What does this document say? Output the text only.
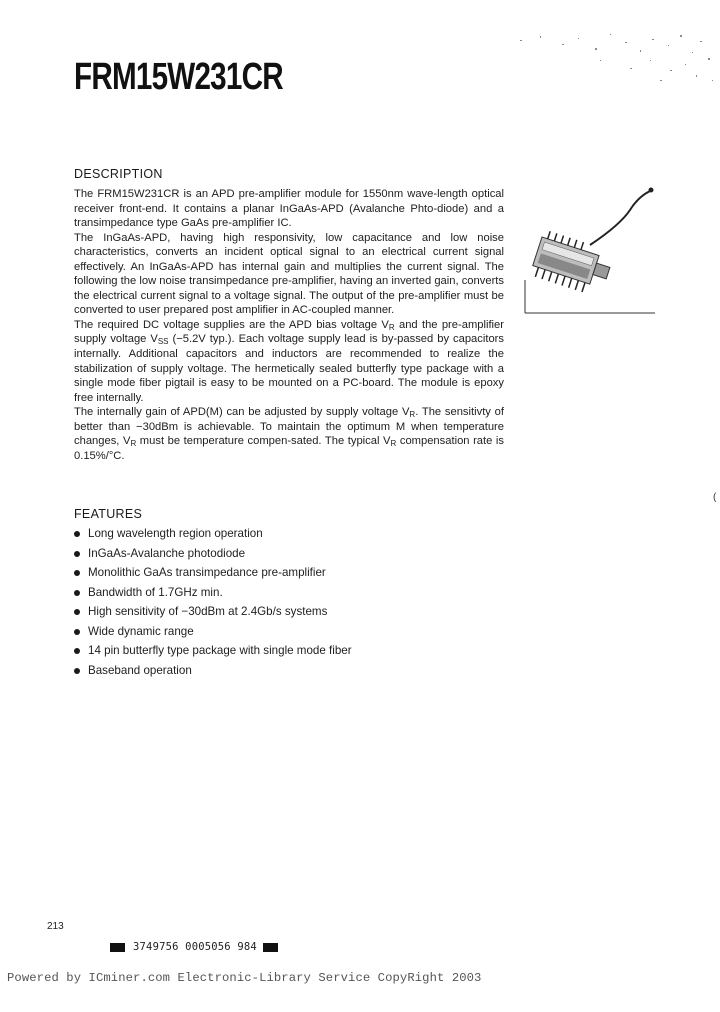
FRM15W231CR
DESCRIPTION

The FRM15W231CR is an APD pre-amplifier module for 1550nm wave-length optical receiver front-end. It contains a planar InGaAs-APD (Avalanche Phto-diode) and a transimpedance type GaAs pre-amplifier IC.

The InGaAs-APD, having high responsivity, low capacitance and low noise characteristics, converts an incident optical signal to an electrical current signal effectively. An InGaAs-APD has internal gain and multiplies the current signal. The following the low noise transimpedance pre-amplifier, having an inverted gain, converts the electrical current signal to a voltage signal. The output of the pre-amplifier must be converted to user prepared post amplifier in AC-coupled manner.

The required DC voltage supplies are the APD bias voltage $V_R$ and the pre-amplifier supply voltage $V_{SS}$ (−5.2V typ.). Each voltage supply lead is by-passed by capacitors internally. Additional capacitors and inductors are recommended to realize the stabilization of supply voltage. The hermetically sealed butterfly type package with a single mode fiber pigtail is easy to be mounted on a PC-board. The module is epoxy free internally.

The internally gain of APD(M) can be adjusted by supply voltage $V_R$. The sensitivty of better than −30dBm is achievable. To maintain the optimum M when temperature changes, $V_R$ must be temperature compen-sated. The typical $V_R$ compensation rate is 0.15%/°C.

(
FEATURES
Long wavelength region operation
InGaAs-Avalanche photodiode
Monolithic GaAs transimpedance pre-amplifier
Bandwidth of 1.7GHz min.
High sensitivity of −30dBm at 2.4Gb/s systems
Wide dynamic range
14 pin butterfly type package with single mode fiber
Baseband operation
213
3749756 0005056 984
Powered by ICminer.com Electronic-Library Service CopyRight 2003
